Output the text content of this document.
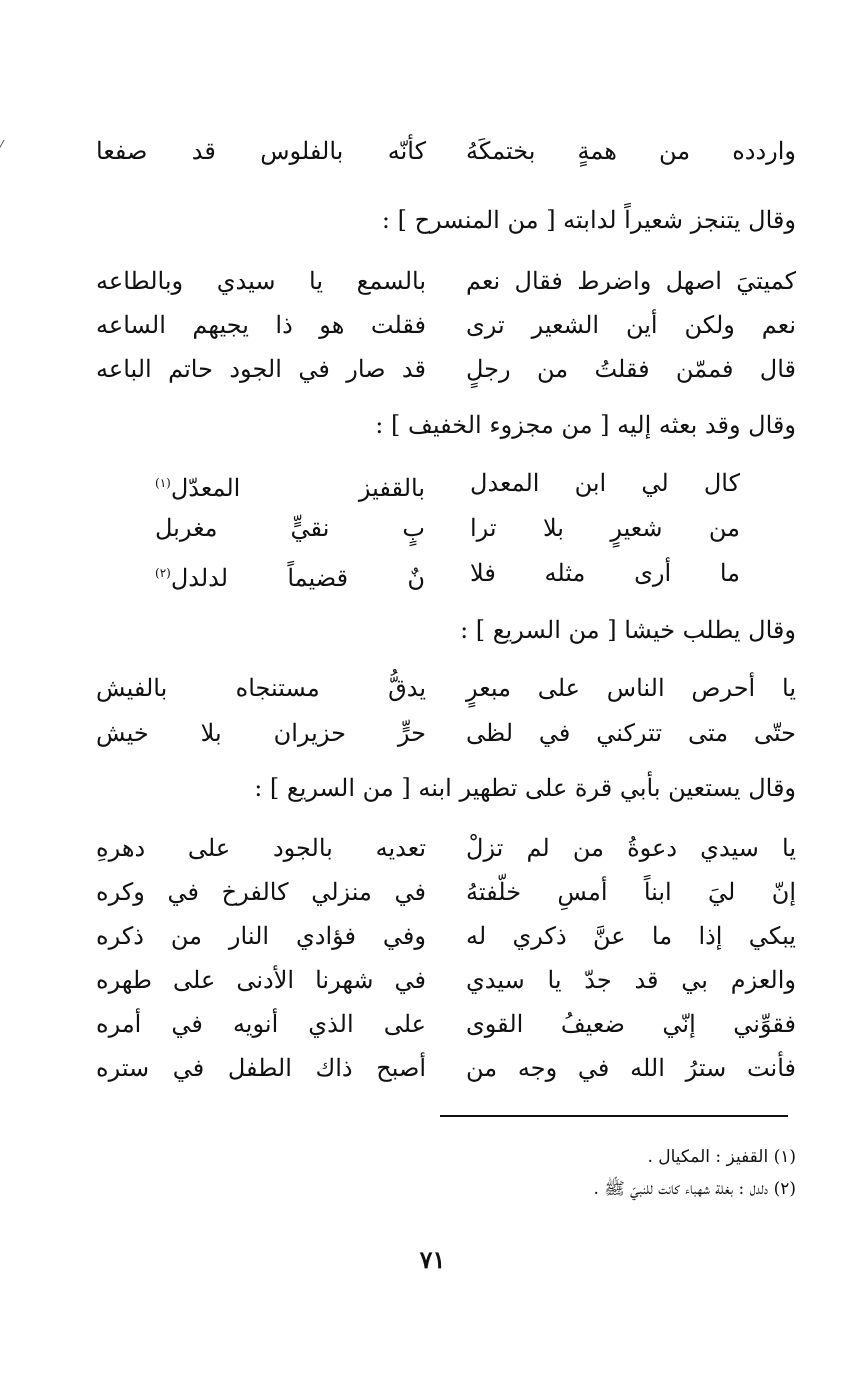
وارددە من همةٍ بختمكَهُ
كأنّه بالفلوس قد صفعا
وقال يتنجز شعيراً لدابته [ من المنسرح ] :
كميتيَ اصهل واضرط فقال نعم
بالسمع يا سيدي وبالطاعه
نعم ولكن أين الشعير ترى
فقلت هو ذا يجيهم الساعه
قال فممّن فقلتُ من رجلٍ
قد صار في الجود حاتم الباعه
وقال وقد بعثه إليه [ من مجزوء الخفيف ] :
كال لي ابن المعدل
بالقفيز المعدّل$^{(١)}$
من شعيرٍ بلا ترا
بٍ نقيٍّ مغربل
ما أرى مثله فلا
نٌ قضيماً لدلدل$^{(٢)}$
وقال يطلب خيشا [ من السريع ] :
يا أحرص الناس على مبعرٍ
يدقُّ مستنجاه بالفيش
حتّى متى تتركني في لظى
حرٍّ حزيران بلا خيش
وقال يستعين بأبي قرة على تطهير ابنه [ من السريع ] :
يا سيدي دعوةُ من لم تزلْ
تعديه بالجود على دهرهِ
إنّ ليَ ابناً أمسِ خلّفتهُ
في منزلي كالفرخ في وكره
يبكي إذا ما عنَّ ذكري له
وفي فؤادي النار من ذكره
والعزم بي قد جدّ يا سيدي
في شهرنا الأدنى على طهره
فقوِّني إنّي ضعيفُ القوى
على الذي أنويه في أمره
فأنت سترُ الله في وجه من
أصبح ذاك الطفل في ستره
(١) القفيز : المكيال .
(٢) دلدل : بغلة شهباء كانت للنبيّ ﷺ .
٧١
